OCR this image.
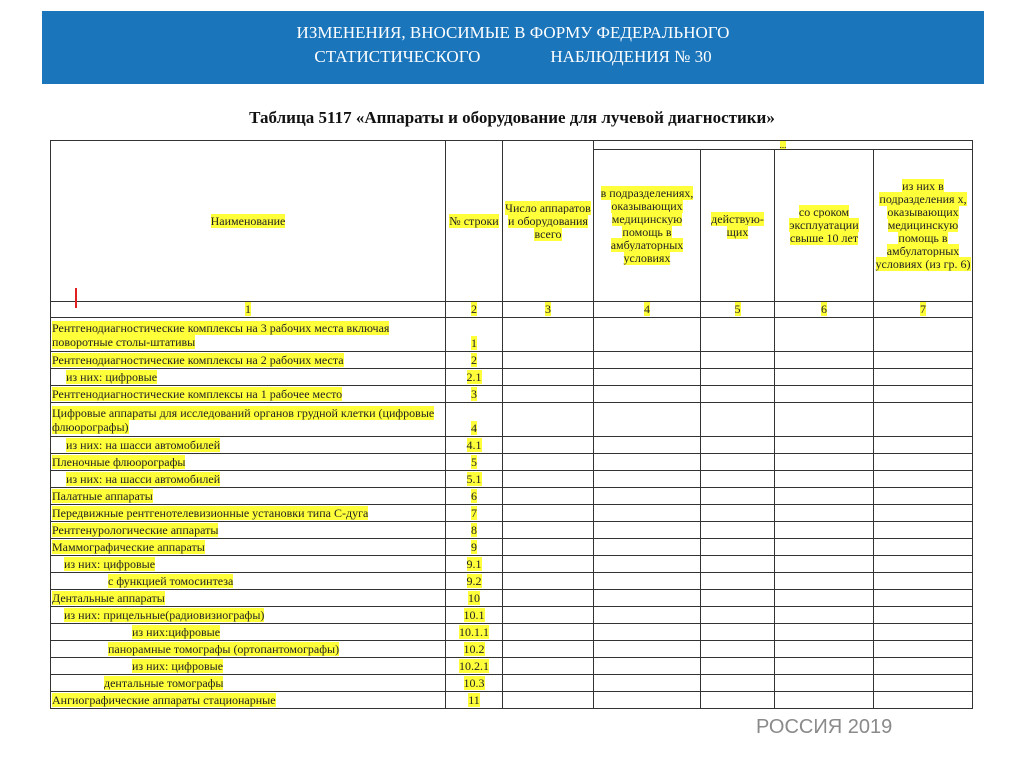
ИЗМЕНЕНИЯ, ВНОСИМЫЕ В ФОРМУ ФЕДЕРАЛЬНОГО
СТАТИСТИЧЕСКОГО	НАБЛЮДЕНИЯ № 30
Таблица 5117 «Аппараты и оборудование для лучевой диагностики»
Наименование	№ строки	Число аппаратов и оборудования всего	...			
			в подразделениях, оказывающих медицинскую помощь в амбулаторных условиях	действую-щих	со сроком эксплуатации свыше 10 лет	из них в подразделения х, оказывающих медицинскую помощь в амбулаторных условиях (из гр. 6)
1	2	3	4	5	6	7
Рентгенодиагностические комплексы на 3 рабочих места включая поворотные столы-штативы	1					
Рентгенодиагностические комплексы на 2 рабочих места	2					
из них: цифровые	2.1					
Рентгенодиагностические комплексы на 1 рабочее место	3					
Цифровые аппараты для исследований органов грудной клетки (цифровые флюорографы)	4					
из них: на шасси автомобилей	4.1					
Пленочные флюорографы	5					
из них: на шасси автомобилей	5.1					
Палатные аппараты	6					
Передвижные рентгенотелевизионные установки типа С-дуга	7					
Рентгенурологические аппараты	8					
Маммографические аппараты	9					
из них: цифровые	9.1					
с функцией томосинтеза	9.2					
Дентальные аппараты	10					
из них: прицельные(радиовизиографы)	10.1					
из них:цифровые	10.1.1					
панорамные томографы (ортопантомографы)	10.2					
из них: цифровые	10.2.1					
дентальные томографы	10.3					
Ангиографические аппараты стационарные	11					
РОССИЯ 2019
